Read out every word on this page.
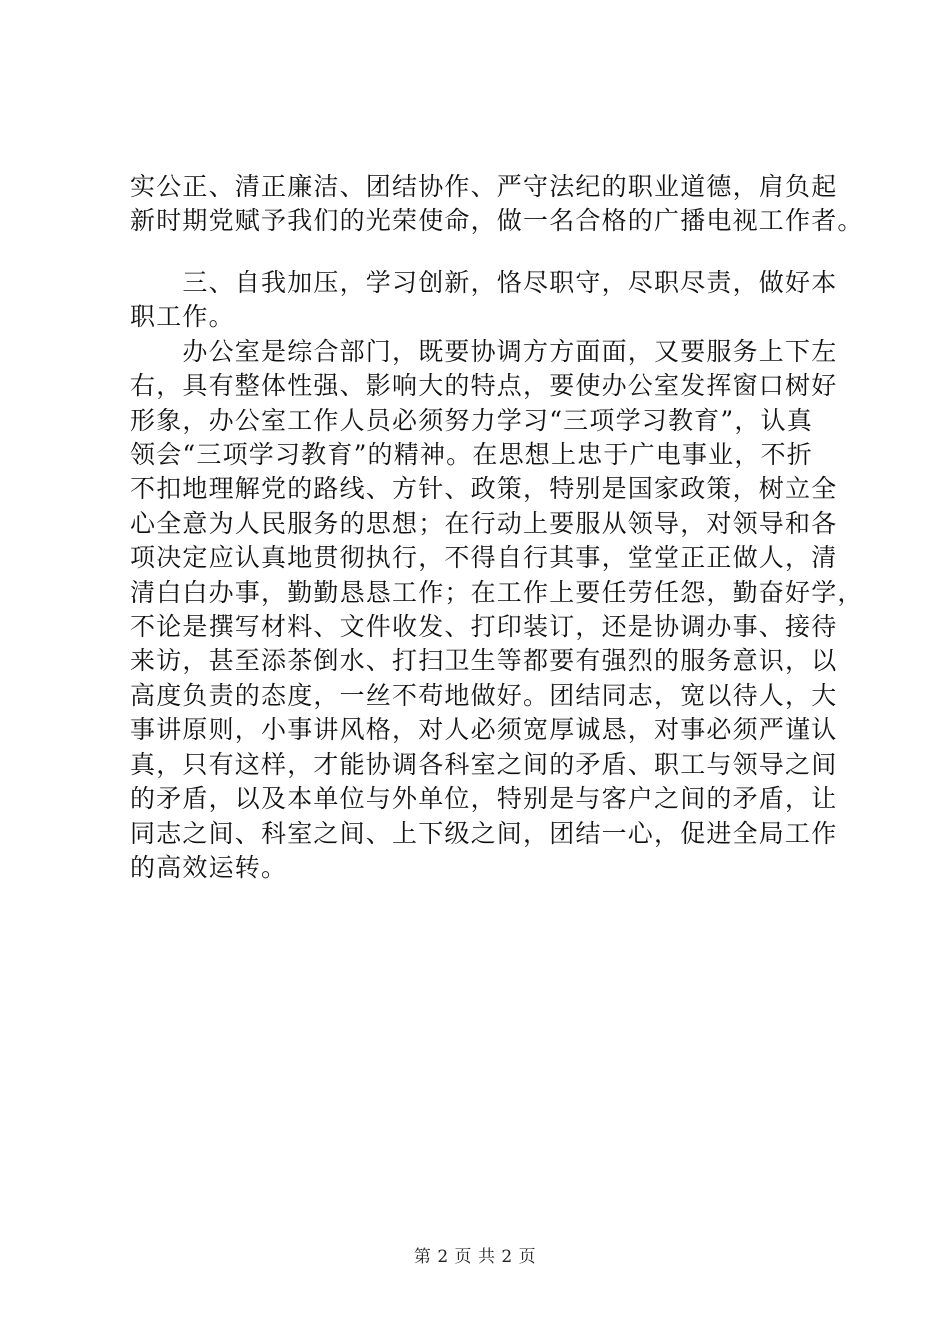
实公正、清正廉洁、团结协作、严守法纪的职业道德，肩负起
新时期党赋予我们的光荣使命，做一名合格的广播电视工作者。
　　三、自我加压，学习创新，恪尽职守，尽职尽责，做好本
职工作。
　　办公室是综合部门，既要协调方方面面，又要服务上下左
右，具有整体性强、影响大的特点，要使办公室发挥窗口树好
形象，办公室工作人员必须努力学习“三项学习教育”，认真
领会“三项学习教育”的精神。在思想上忠于广电事业，不折
不扣地理解党的路线、方针、政策，特别是国家政策，树立全
心全意为人民服务的思想；在行动上要服从领导，对领导和各
项决定应认真地贯彻执行，不得自行其事，堂堂正正做人，清
清白白办事，勤勤恳恳工作；在工作上要任劳任怨，勤奋好学，
不论是撰写材料、文件收发、打印装订，还是协调办事、接待
来访，甚至添茶倒水、打扫卫生等都要有强烈的服务意识，以
高度负责的态度，一丝不苟地做好。团结同志，宽以待人，大
事讲原则，小事讲风格，对人必须宽厚诚恳，对事必须严谨认
真，只有这样，才能协调各科室之间的矛盾、职工与领导之间
的矛盾，以及本单位与外单位，特别是与客户之间的矛盾，让
同志之间、科室之间、上下级之间，团结一心，促进全局工作
的高效运转。
第 2 页 共 2 页
